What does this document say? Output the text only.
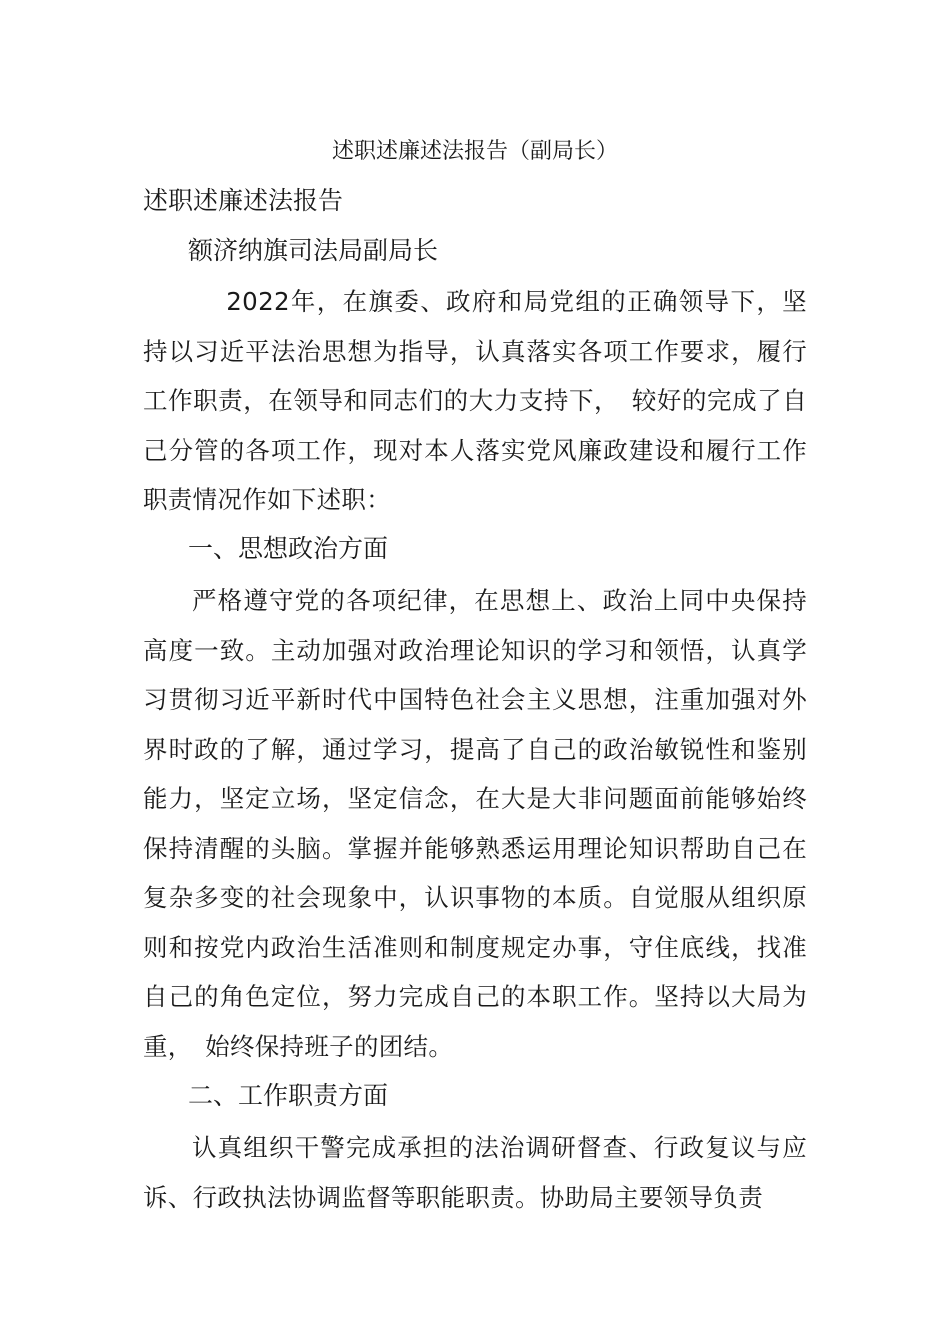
述职述廉述法报告（副局长）
述职述廉述法报告
额济纳旗司法局副局长

2022年，在旗委、政府和局党组的正确领导下，坚持以习近平法治思想为指导，认真落实各项工作要求，履行工作职责，在领导和同志们的大力支持下，　较好的完成了自己分管的各项工作，现对本人落实党风廉政建设和履行工作职责情况作如下述职：

一、思想政治方面

严格遵守党的各项纪律，在思想上、政治上同中央保持高度一致。主动加强对政治理论知识的学习和领悟，认真学习贯彻习近平新时代中国特色社会主义思想，注重加强对外界时政的了解，通过学习，提高了自己的政治敏锐性和鉴别能力，坚定立场，坚定信念，在大是大非问题面前能够始终保持清醒的头脑。掌握并能够熟悉运用理论知识帮助自己在复杂多变的社会现象中，认识事物的本质。自觉服从组织原则和按党内政治生活准则和制度规定办事，守住底线，找准自己的角色定位，努力完成自己的本职工作。坚持以大局为重，　始终保持班子的团结。

二、工作职责方面

认真组织干警完成承担的法治调研督查、行政复议与应诉、行政执法协调监督等职能职责。协助局主要领导负责
